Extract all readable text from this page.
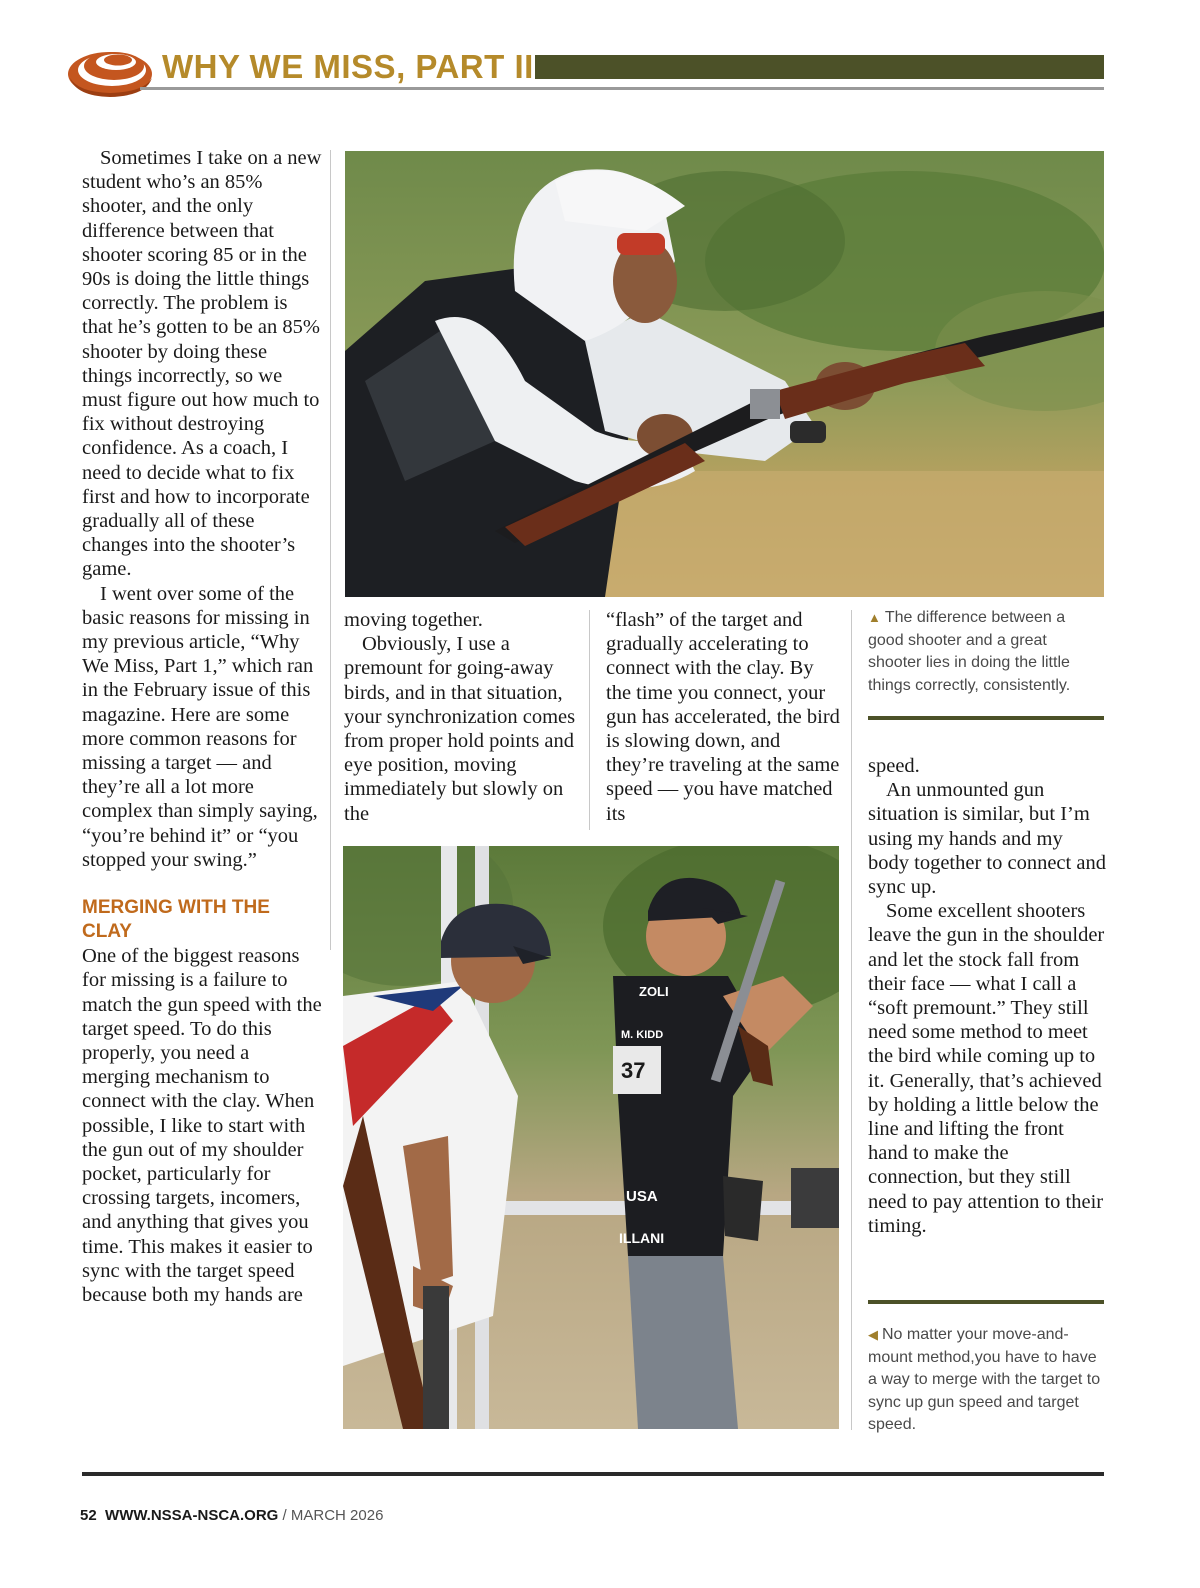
WHY WE MISS, PART II

Sometimes I take on a new student who’s an 85% shooter, and the only difference between that shooter scoring 85 or in the 90s is doing the little things correctly. The problem is that he’s gotten to be an 85% shooter by doing these things incorrectly, so we must figure out how much to fix without destroying confidence. As a coach, I need to decide what to fix first and how to incorporate gradually all of these changes into the shooter’s game.

I went over some of the basic reasons for missing in my previous article, “Why We Miss, Part 1,” which ran in the February issue of this magazine. Here are some more common reasons for missing a target — and they’re all a lot more complex than simply saying, “you’re behind it” or “you stopped your swing.”

MERGING WITH THE CLAY

One of the biggest reasons for missing is a failure to match the gun speed with the target speed. To do this properly, you need a merging mechanism to connect with the clay. When possible, I like to start with the gun out of my shoulder pocket, particularly for crossing targets, incomers, and anything that gives you time. This makes it easier to sync with the target speed because both my hands are

moving together.

Obviously, I use a premount for going-away birds, and in that situation, your synchronization comes from proper hold points and eye position, moving immediately but slowly on the

“flash” of the target and gradually accelerating to connect with the clay. By the time you connect, your gun has accelerated, the bird is slowing down, and they’re traveling at the same speed — you have matched its

▲ The difference between a good shooter and a great shooter lies in doing the little things correctly, consistently.

speed.

An unmounted gun situation is similar, but I’m using my hands and my body together to connect and sync up.

Some excellent shooters leave the gun in the shoulder and let the stock fall from their face — what I call a “soft premount.” They still need some method to meet the bird while coming up to it. Generally, that’s achieved by holding a little below the line and lifting the front hand to make the connection, but they still need to pay attention to their timing.

ZOLI
M. KIDD
37
USA
ILLANI

◀ No matter your move-and-mount method,you have to have a way to merge with the target to sync up gun speed and target speed.

52 WWW.NSSA-NSCA.ORG / MARCH 2026
